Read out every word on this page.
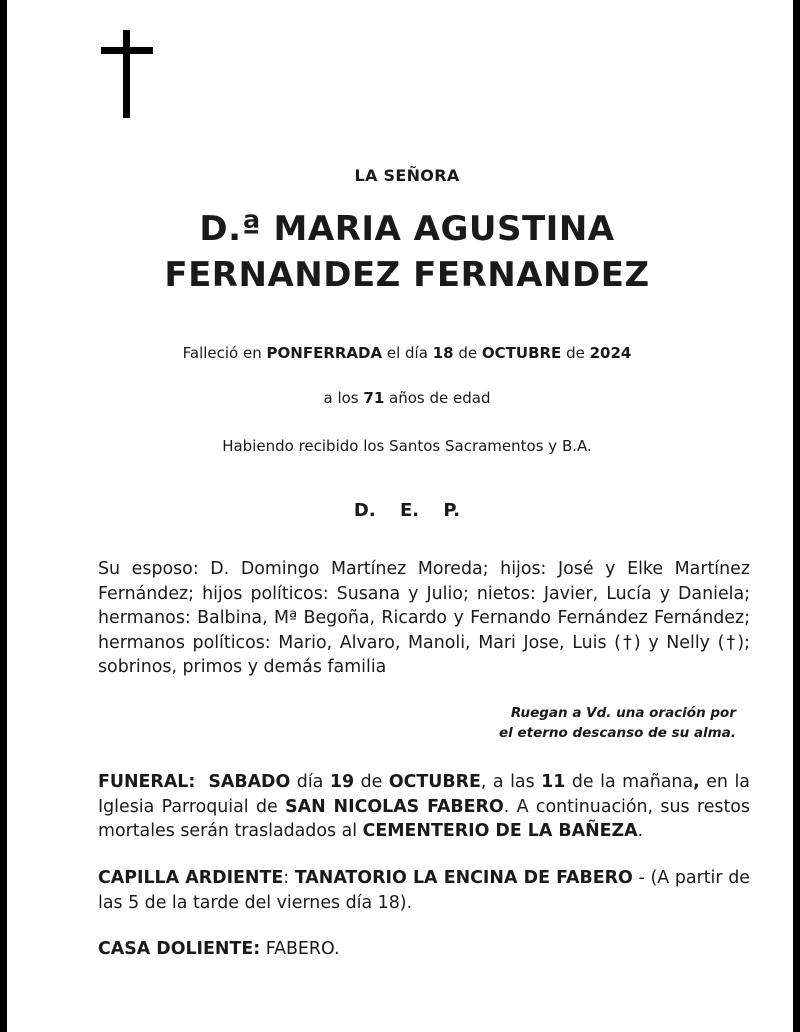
LA SEÑORA
D.ª MARIA AGUSTINA
FERNANDEZ FERNANDEZ
Falleció en PONFERRADA el día 18 de OCTUBRE de 2024
a los 71 años de edad
Habiendo recibido los Santos Sacramentos y B.A.
D. E. P.
Su esposo: D. Domingo Martínez Moreda; hijos: José y Elke Martínez Fernández; hijos políticos: Susana y Julio; nietos: Javier, Lucía y Daniela; hermanos: Balbina, Mª Begoña, Ricardo y Fernando Fernández Fernández; hermanos políticos: Mario, Alvaro, Manoli, Mari Jose, Luis (†) y Nelly (†); sobrinos, primos y demás familia
Ruegan a Vd. una oración por
el eterno descanso de su alma.
FUNERAL: SABADO día 19 de OCTUBRE, a las 11 de la mañana, en la Iglesia Parroquial de SAN NICOLAS FABERO. A continuación, sus restos mortales serán trasladados al CEMENTERIO DE LA BAÑEZA.
CAPILLA ARDIENTE: TANATORIO LA ENCINA DE FABERO - (A partir de las 5 de la tarde del viernes día 18).
CASA DOLIENTE: FABERO.
